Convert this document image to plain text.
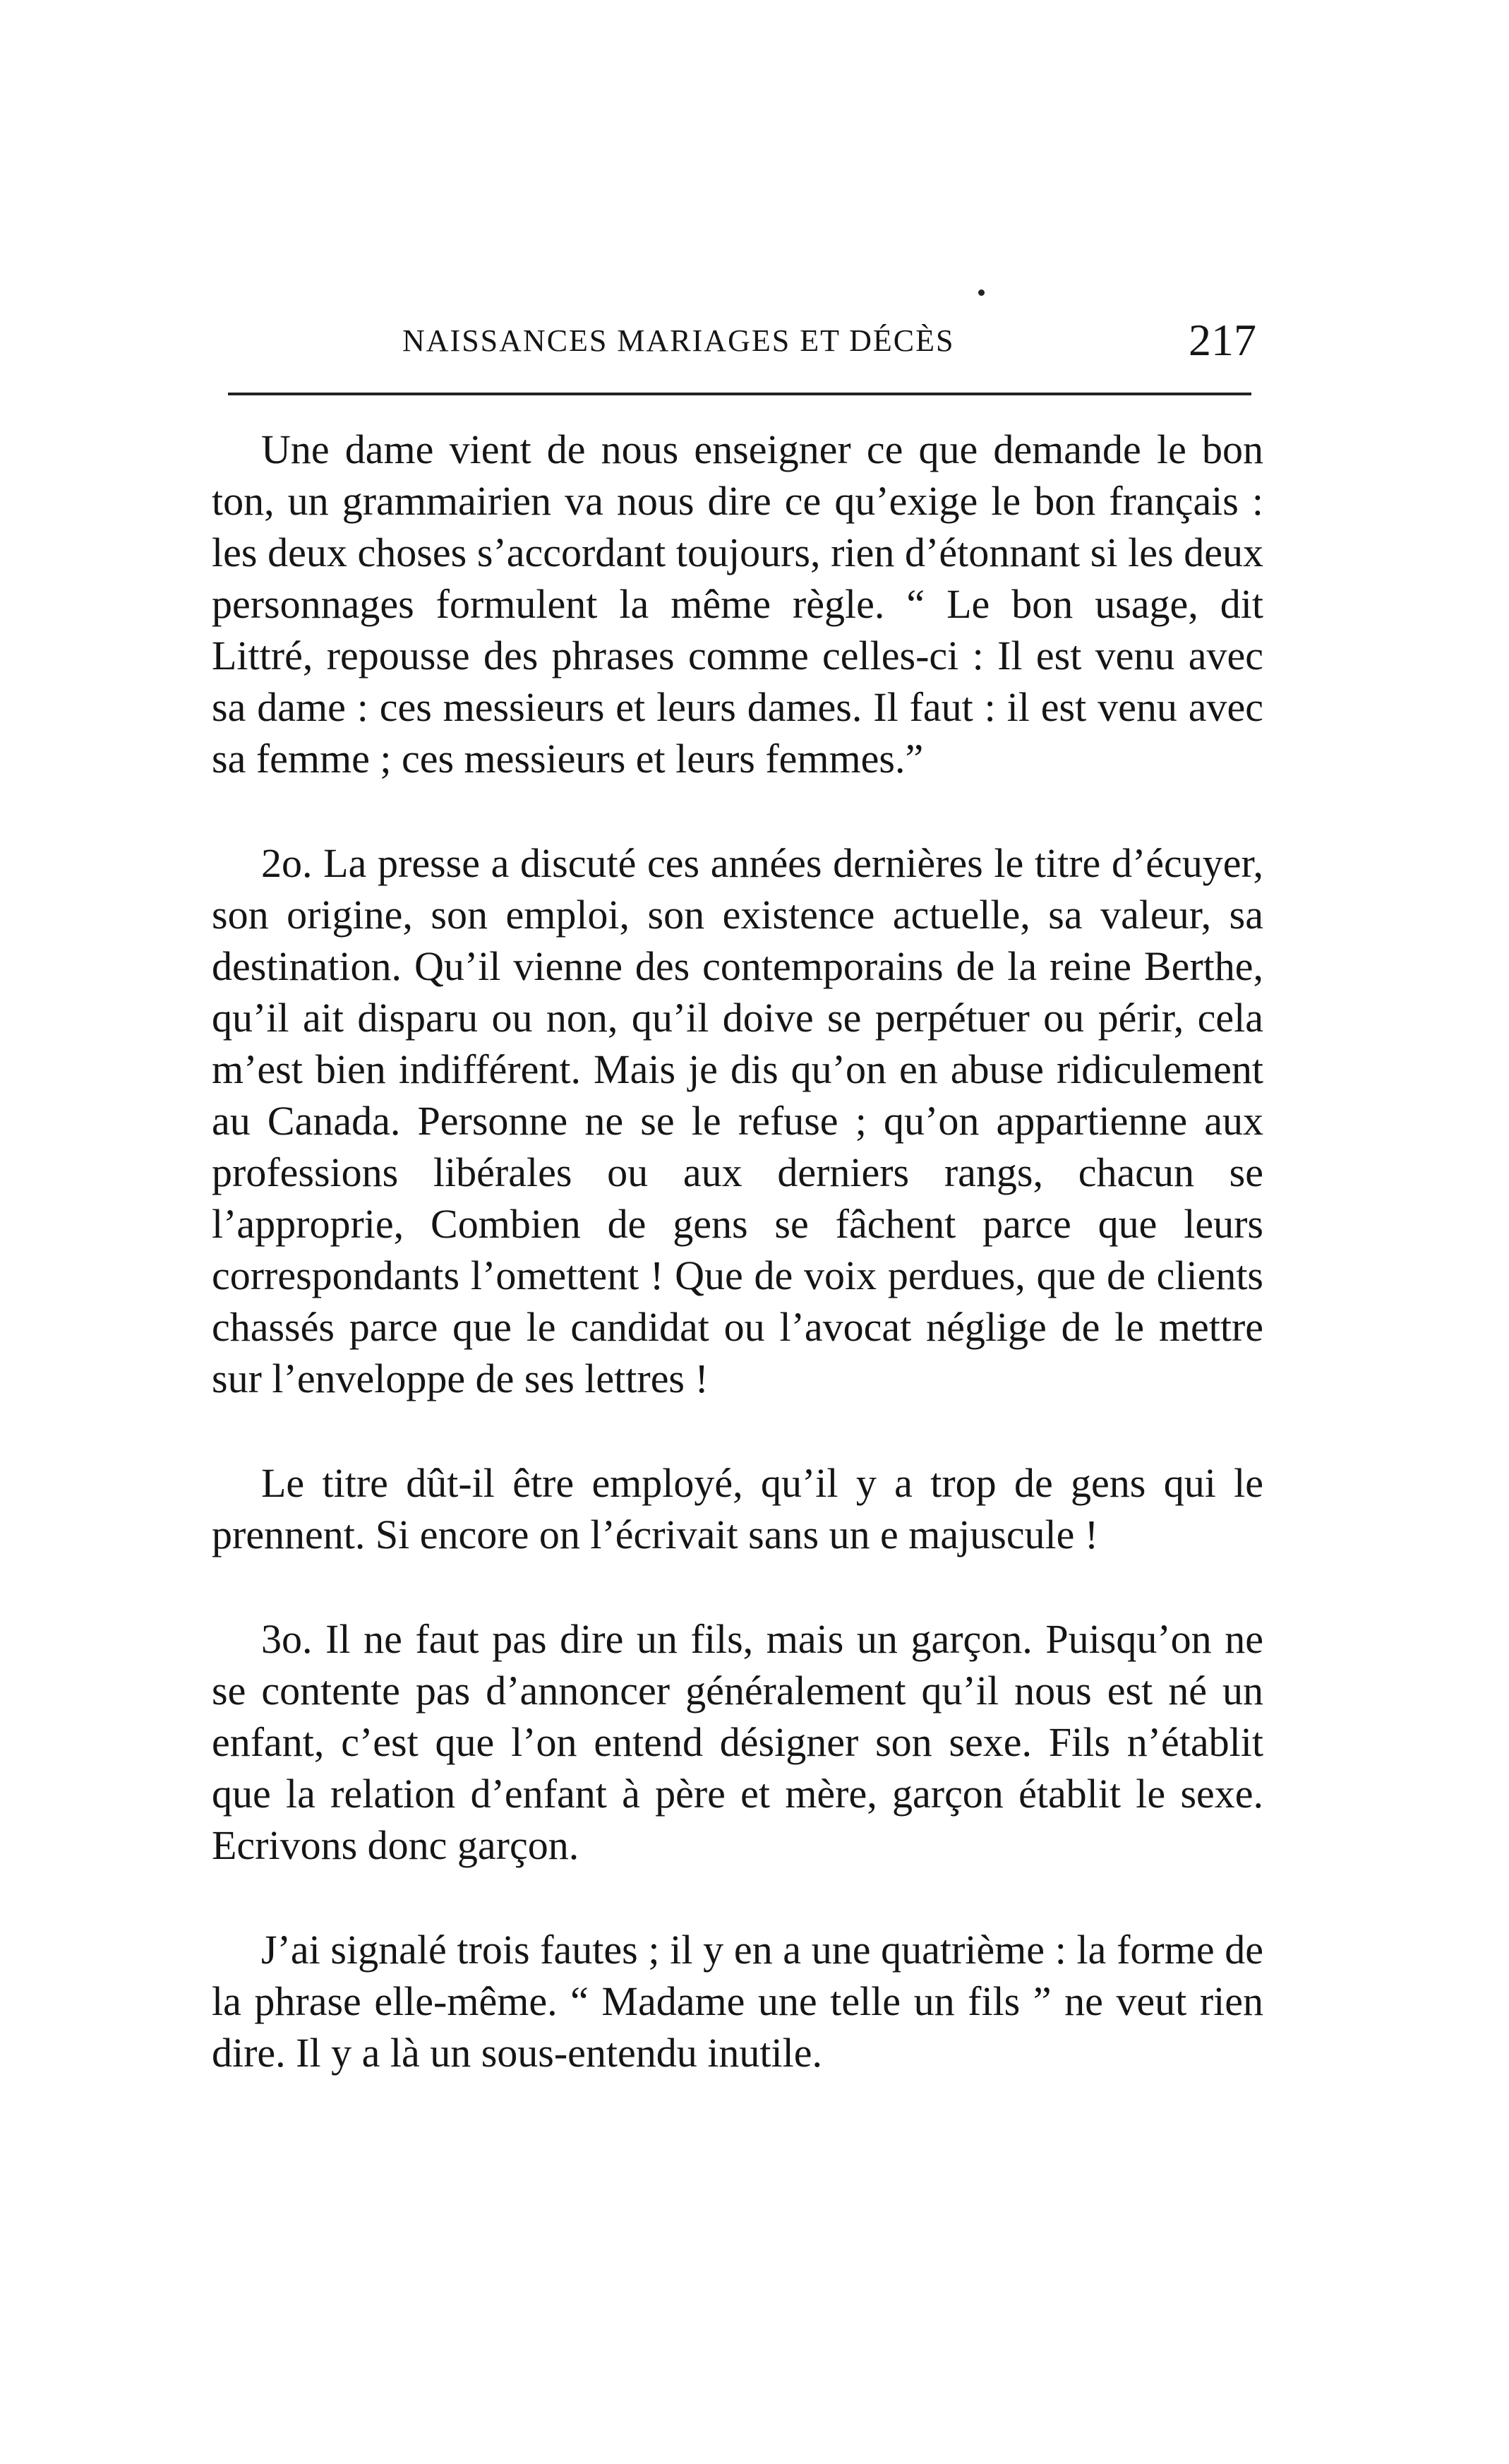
NAISSANCES MARIAGES ET DÉCÈS	217

Une dame vient de nous enseigner ce que demande le bon ton, un grammairien va nous dire ce qu’exige le bon français : les deux choses s’accordant toujours, rien d’étonnant si les deux personnages formulent la même règle. “ Le bon usage, dit Littré, repousse des phrases comme celles-ci : Il est venu avec sa dame : ces messieurs et leurs dames. Il faut : il est venu avec sa femme ; ces messieurs et leurs femmes.”

2o. La presse a discuté ces années dernières le titre d’écuyer, son origine, son emploi, son existence actuelle, sa valeur, sa destination. Qu’il vienne des contemporains de la reine Berthe, qu’il ait disparu ou non, qu’il doive se perpétuer ou périr, cela m’est bien indifférent. Mais je dis qu’on en abuse ridiculement au Canada. Personne ne se le refuse ; qu’on appartienne aux professions libérales ou aux derniers rangs, chacun se l’approprie, Combien de gens se fâchent parce que leurs correspondants l’omettent ! Que de voix perdues, que de clients chassés parce que le candidat ou l’avocat néglige de le mettre sur l’enveloppe de ses lettres !

Le titre dût-il être employé, qu’il y a trop de gens qui le prennent. Si encore on l’écrivait sans un e majuscule !

3o. Il ne faut pas dire un fils, mais un garçon. Puisqu’on ne se contente pas d’annoncer généralement qu’il nous est né un enfant, c’est que l’on entend désigner son sexe. Fils n’établit que la relation d’enfant à père et mère, garçon établit le sexe. Ecrivons donc garçon.

J’ai signalé trois fautes ; il y en a une quatrième : la forme de la phrase elle-même. “ Madame une telle un fils ” ne veut rien dire. Il y a là un sous-entendu inutile.
